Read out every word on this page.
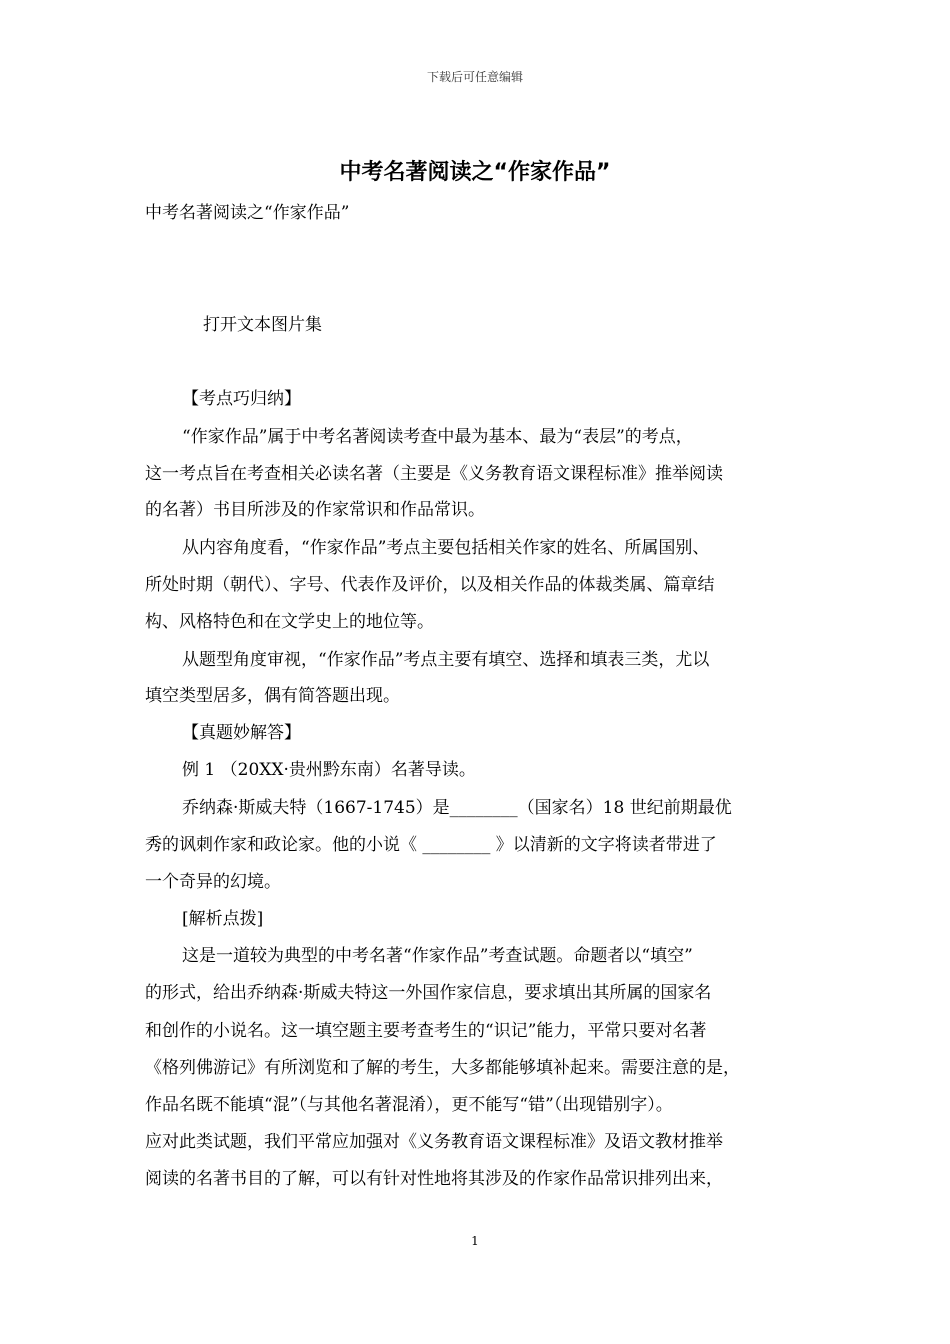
下载后可任意编辑
中考名著阅读之“作家作品”
中考名著阅读之“作家作品”
打开文本图片集
【考点巧归纳】
“作家作品”属于中考名著阅读考查中最为基本、最为“表层”的考点，
这一考点旨在考查相关必读名著（主要是《义务教育语文课程标准》推举阅读
的名著）书目所涉及的作家常识和作品常识。
从内容角度看，“作家作品”考点主要包括相关作家的姓名、所属国别、
所处时期（朝代）、字号、代表作及评价，以及相关作品的体裁类属、篇章结
构、风格特色和在文学史上的地位等。
从题型角度审视，“作家作品”考点主要有填空、选择和填表三类，尤以
填空类型居多，偶有简答题出现。
【真题妙解答】
例 1 （20XX·贵州黔东南）名著导读。
乔纳森·斯威夫特（1667-1745）是________（国家名）18 世纪前期最优
秀的讽刺作家和政论家。他的小说《 ________ 》以清新的文字将读者带进了
一个奇异的幻境。
[解析点拨]
这是一道较为典型的中考名著“作家作品”考查试题。命题者以“填空”
的形式，给出乔纳森·斯威夫特这一外国作家信息，要求填出其所属的国家名
和创作的小说名。这一填空题主要考查考生的“识记”能力，平常只要对名著
《格列佛游记》有所浏览和了解的考生，大多都能够填补起来。需要注意的是，
作品名既不能填“混”（与其他名著混淆），更不能写“错”（出现错别字）。
应对此类试题，我们平常应加强对《义务教育语文课程标准》及语文教材推举
阅读的名著书目的了解，可以有针对性地将其涉及的作家作品常识排列出来，
1
